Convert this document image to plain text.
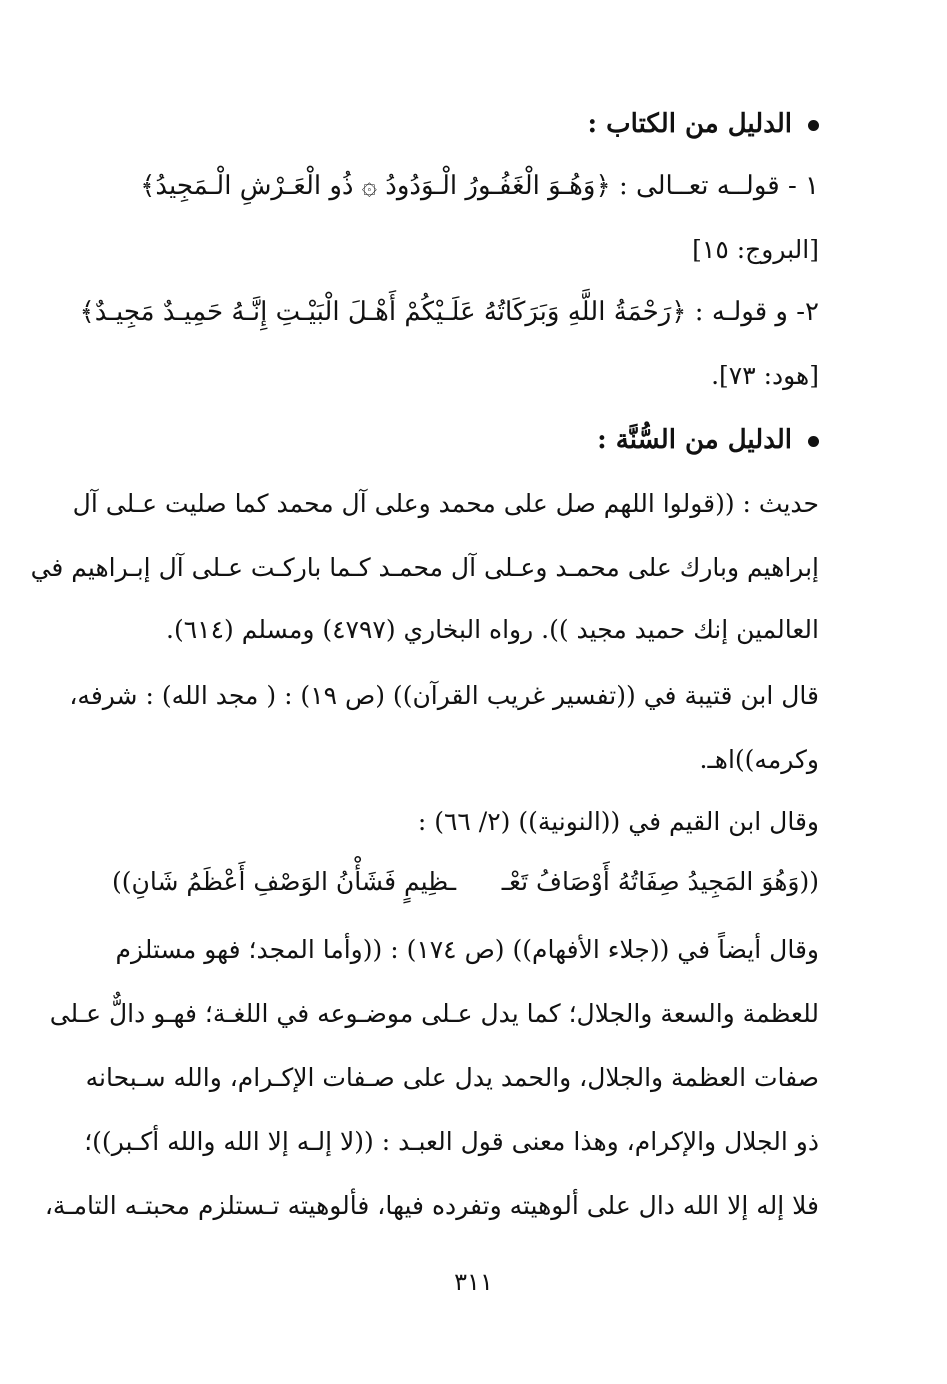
الدليل من الكتاب :
١ - قولــه تعــالى : ﴿وَهُـوَ الْغَفُـورُ الْـوَدُودُ ۞ ذُو الْعَـرْشِ الْـمَجِيدُ﴾
[البروج: ١٥]
٢- و قولـه : ﴿رَحْمَةُ اللَّهِ وَبَرَكَاتُهُ عَلَـيْكُمْ أَهْـلَ الْبَيْـتِ إِنَّـهُ حَمِيـدٌ مَجِيـدٌ﴾
[هود: ٧٣].
الدليل من السُّنَّة :
حديث : ((قولوا اللهم صل على محمد وعلى آل محمد كما صليت عـلى آل
إبراهيم وبارك على محمـد وعـلى آل محمـد كـما باركـت عـلى آل إبـراهيم في
العالمين إنك حميد مجيد )). رواه البخاري (٤٧٩٧) ومسلم (٦١٤).
قال ابن قتيبة في ((تفسير غريب القرآن)) (ص ١٩) : ( مجد الله) : شرفه،
وكرمه))اهـ.
وقال ابن القيم في ((النونية)) (٢/ ٦٦) :
((وَهُوَ المَجِيدُ صِفَاتُهُ أَوْصَافُ تَعْـ
ـظِيمٍ فَشَأْنُ الوَصْفِ أَعْظَمُ شَانِ))
وقال أيضاً في ((جلاء الأفهام)) (ص ١٧٤) : ((وأما المجد؛ فهو مستلزم
للعظمة والسعة والجلال؛ كما يدل عـلى موضـوعه في اللغـة؛ فهـو دالٌّ عـلى
صفات العظمة والجلال، والحمد يدل على صـفات الإكـرام، والله سـبحانه
ذو الجلال والإكرام، وهذا معنى قول العبـد : ((لا إلـه إلا الله والله أكـبر))؛
فلا إله إلا الله دال على ألوهيته وتفرده فيها، فألوهيته تـستلزم محبتـه التامـة،
٣١١
